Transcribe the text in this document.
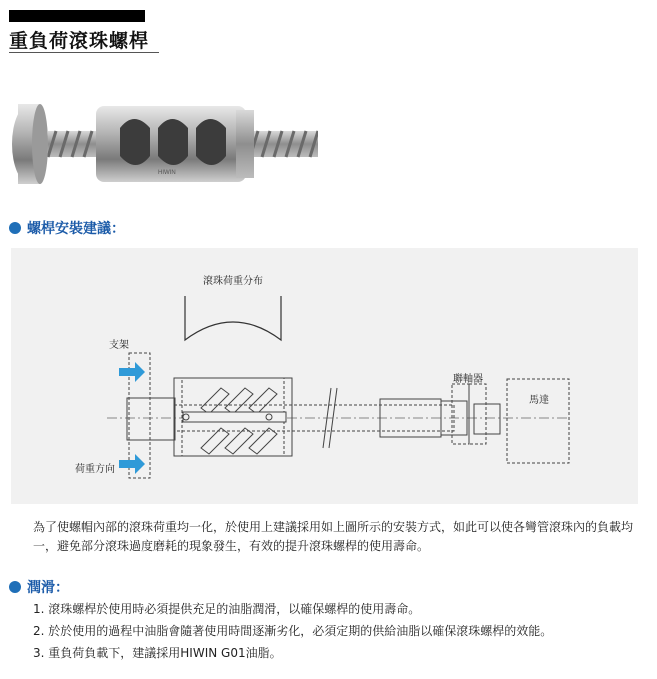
重負荷滾珠螺桿
HIWIN
螺桿安裝建議：
滾珠荷重分布
支架
荷重方向
聯軸器
馬達
為了使螺帽內部的滾珠荷重均一化，於使用上建議採用如上圖所示的安裝方式，如此可以使各彎管滾珠內的負載均一，避免部分滾珠過度磨耗的現象發生，有效的提升滾珠螺桿的使用壽命。
潤滑：
1. 滾珠螺桿於使用時必須提供充足的油脂潤滑，以確保螺桿的使用壽命。
2. 於於使用的過程中油脂會隨著使用時間逐漸劣化，必須定期的供給油脂以確保滾珠螺桿的效能。
3. 重負荷負載下，建議採用HIWIN G01油脂。
